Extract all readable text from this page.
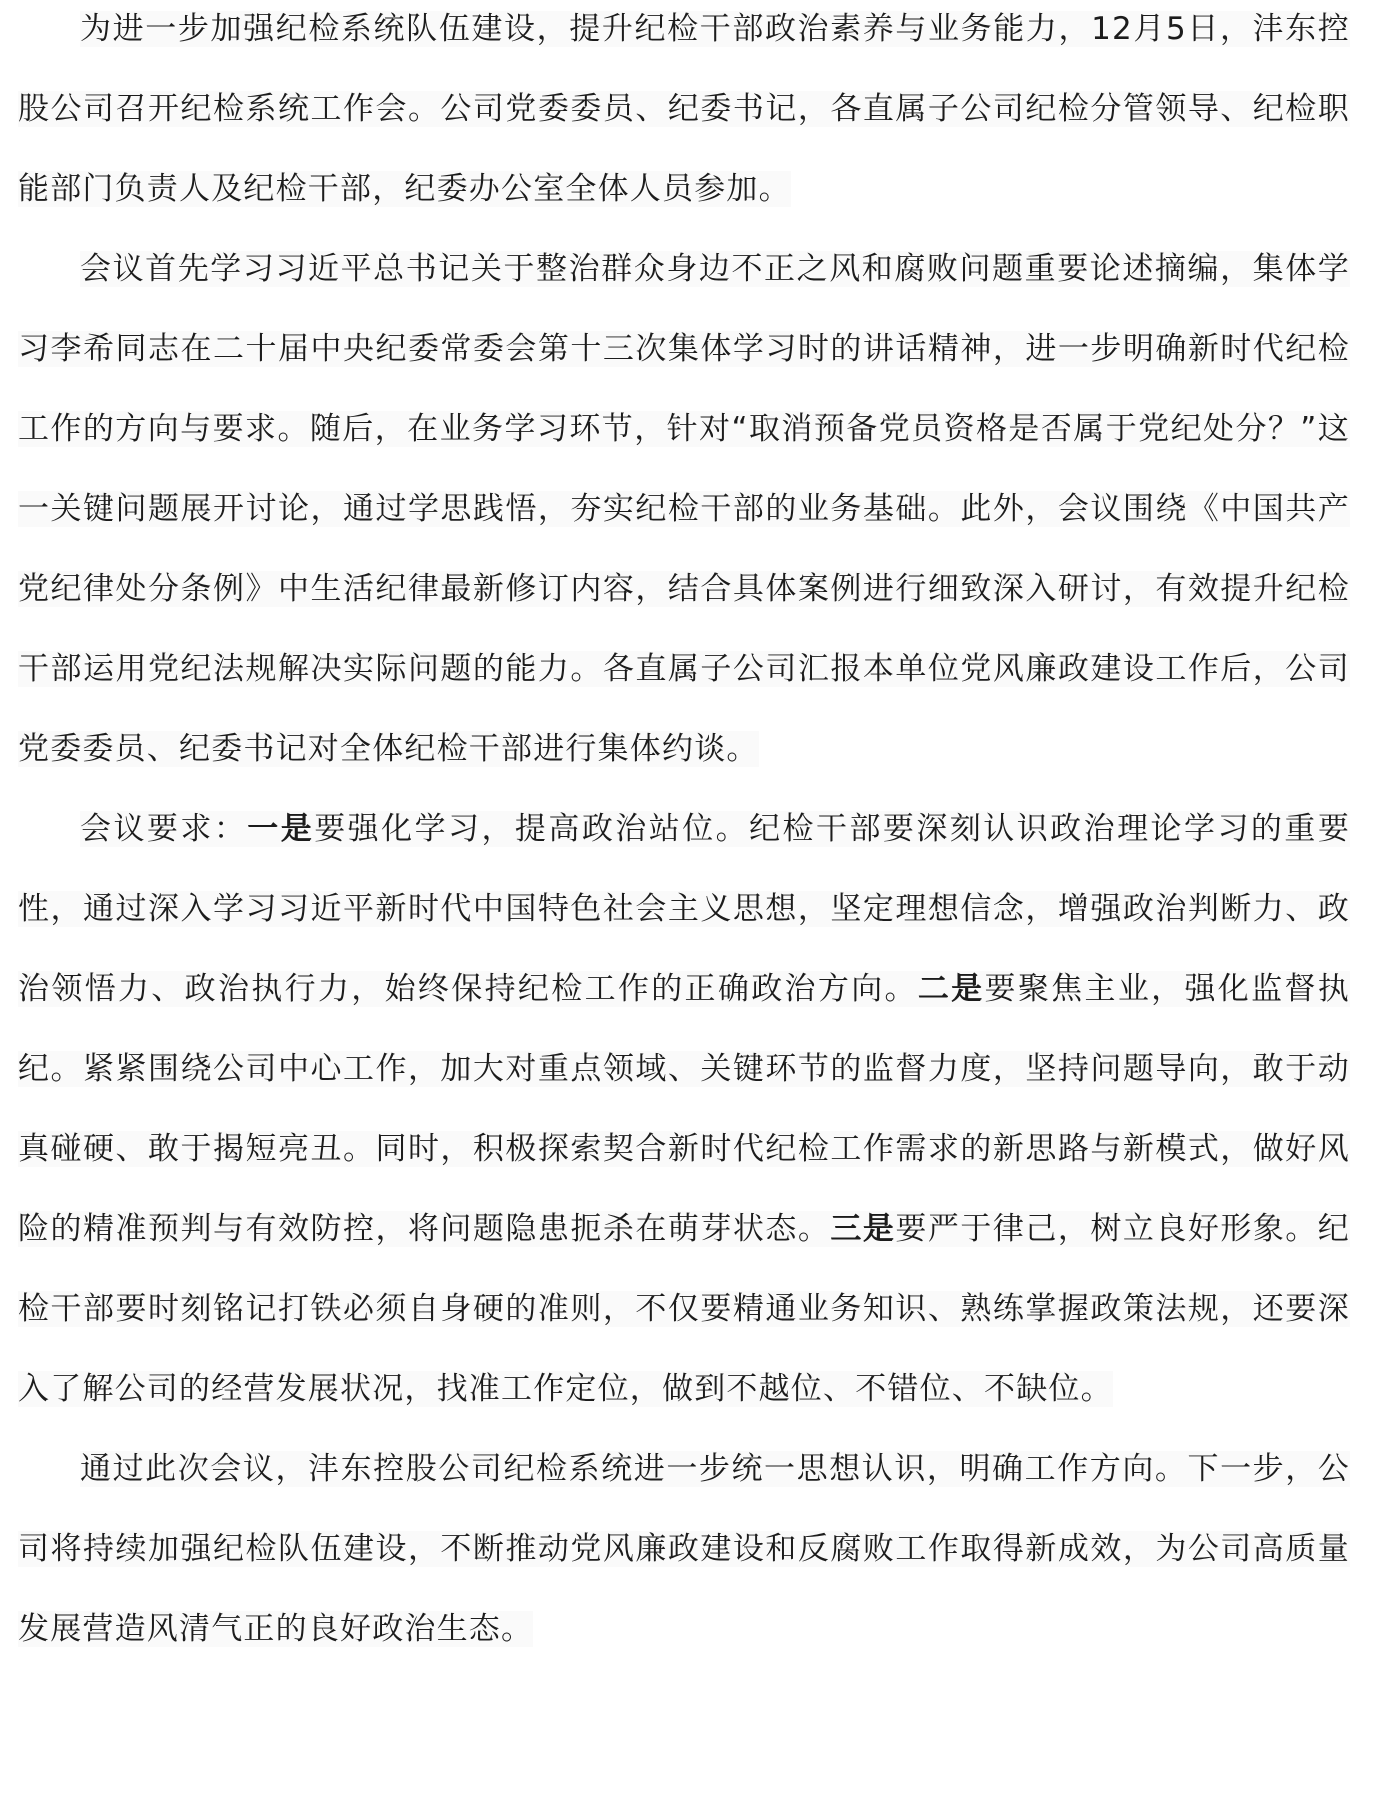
为进一步加强纪检系统队伍建设，提升纪检干部政治素养与业务能力，12月5日，沣东控股公司召开纪检系统工作会。公司党委委员、纪委书记，各直属子公司纪检分管领导、纪检职能部门负责人及纪检干部，纪委办公室全体人员参加。

会议首先学习习近平总书记关于整治群众身边不正之风和腐败问题重要论述摘编，集体学习李希同志在二十届中央纪委常委会第十三次集体学习时的讲话精神，进一步明确新时代纪检工作的方向与要求。随后，在业务学习环节，针对“取消预备党员资格是否属于党纪处分？”这一关键问题展开讨论，通过学思践悟，夯实纪检干部的业务基础。此外，会议围绕《中国共产党纪律处分条例》中生活纪律最新修订内容，结合具体案例进行细致深入研讨，有效提升纪检干部运用党纪法规解决实际问题的能力。各直属子公司汇报本单位党风廉政建设工作后，公司党委委员、纪委书记对全体纪检干部进行集体约谈。

会议要求：一是要强化学习，提高政治站位。纪检干部要深刻认识政治理论学习的重要性，通过深入学习习近平新时代中国特色社会主义思想，坚定理想信念，增强政治判断力、政治领悟力、政治执行力，始终保持纪检工作的正确政治方向。二是要聚焦主业，强化监督执纪。紧紧围绕公司中心工作，加大对重点领域、关键环节的监督力度，坚持问题导向，敢于动真碰硬、敢于揭短亮丑。同时，积极探索契合新时代纪检工作需求的新思路与新模式，做好风险的精准预判与有效防控，将问题隐患扼杀在萌芽状态。三是要严于律己，树立良好形象。纪检干部要时刻铭记打铁必须自身硬的准则，不仅要精通业务知识、熟练掌握政策法规，还要深入了解公司的经营发展状况，找准工作定位，做到不越位、不错位、不缺位。

通过此次会议，沣东控股公司纪检系统进一步统一思想认识，明确工作方向。下一步，公司将持续加强纪检队伍建设，不断推动党风廉政建设和反腐败工作取得新成效，为公司高质量发展营造风清气正的良好政治生态。
